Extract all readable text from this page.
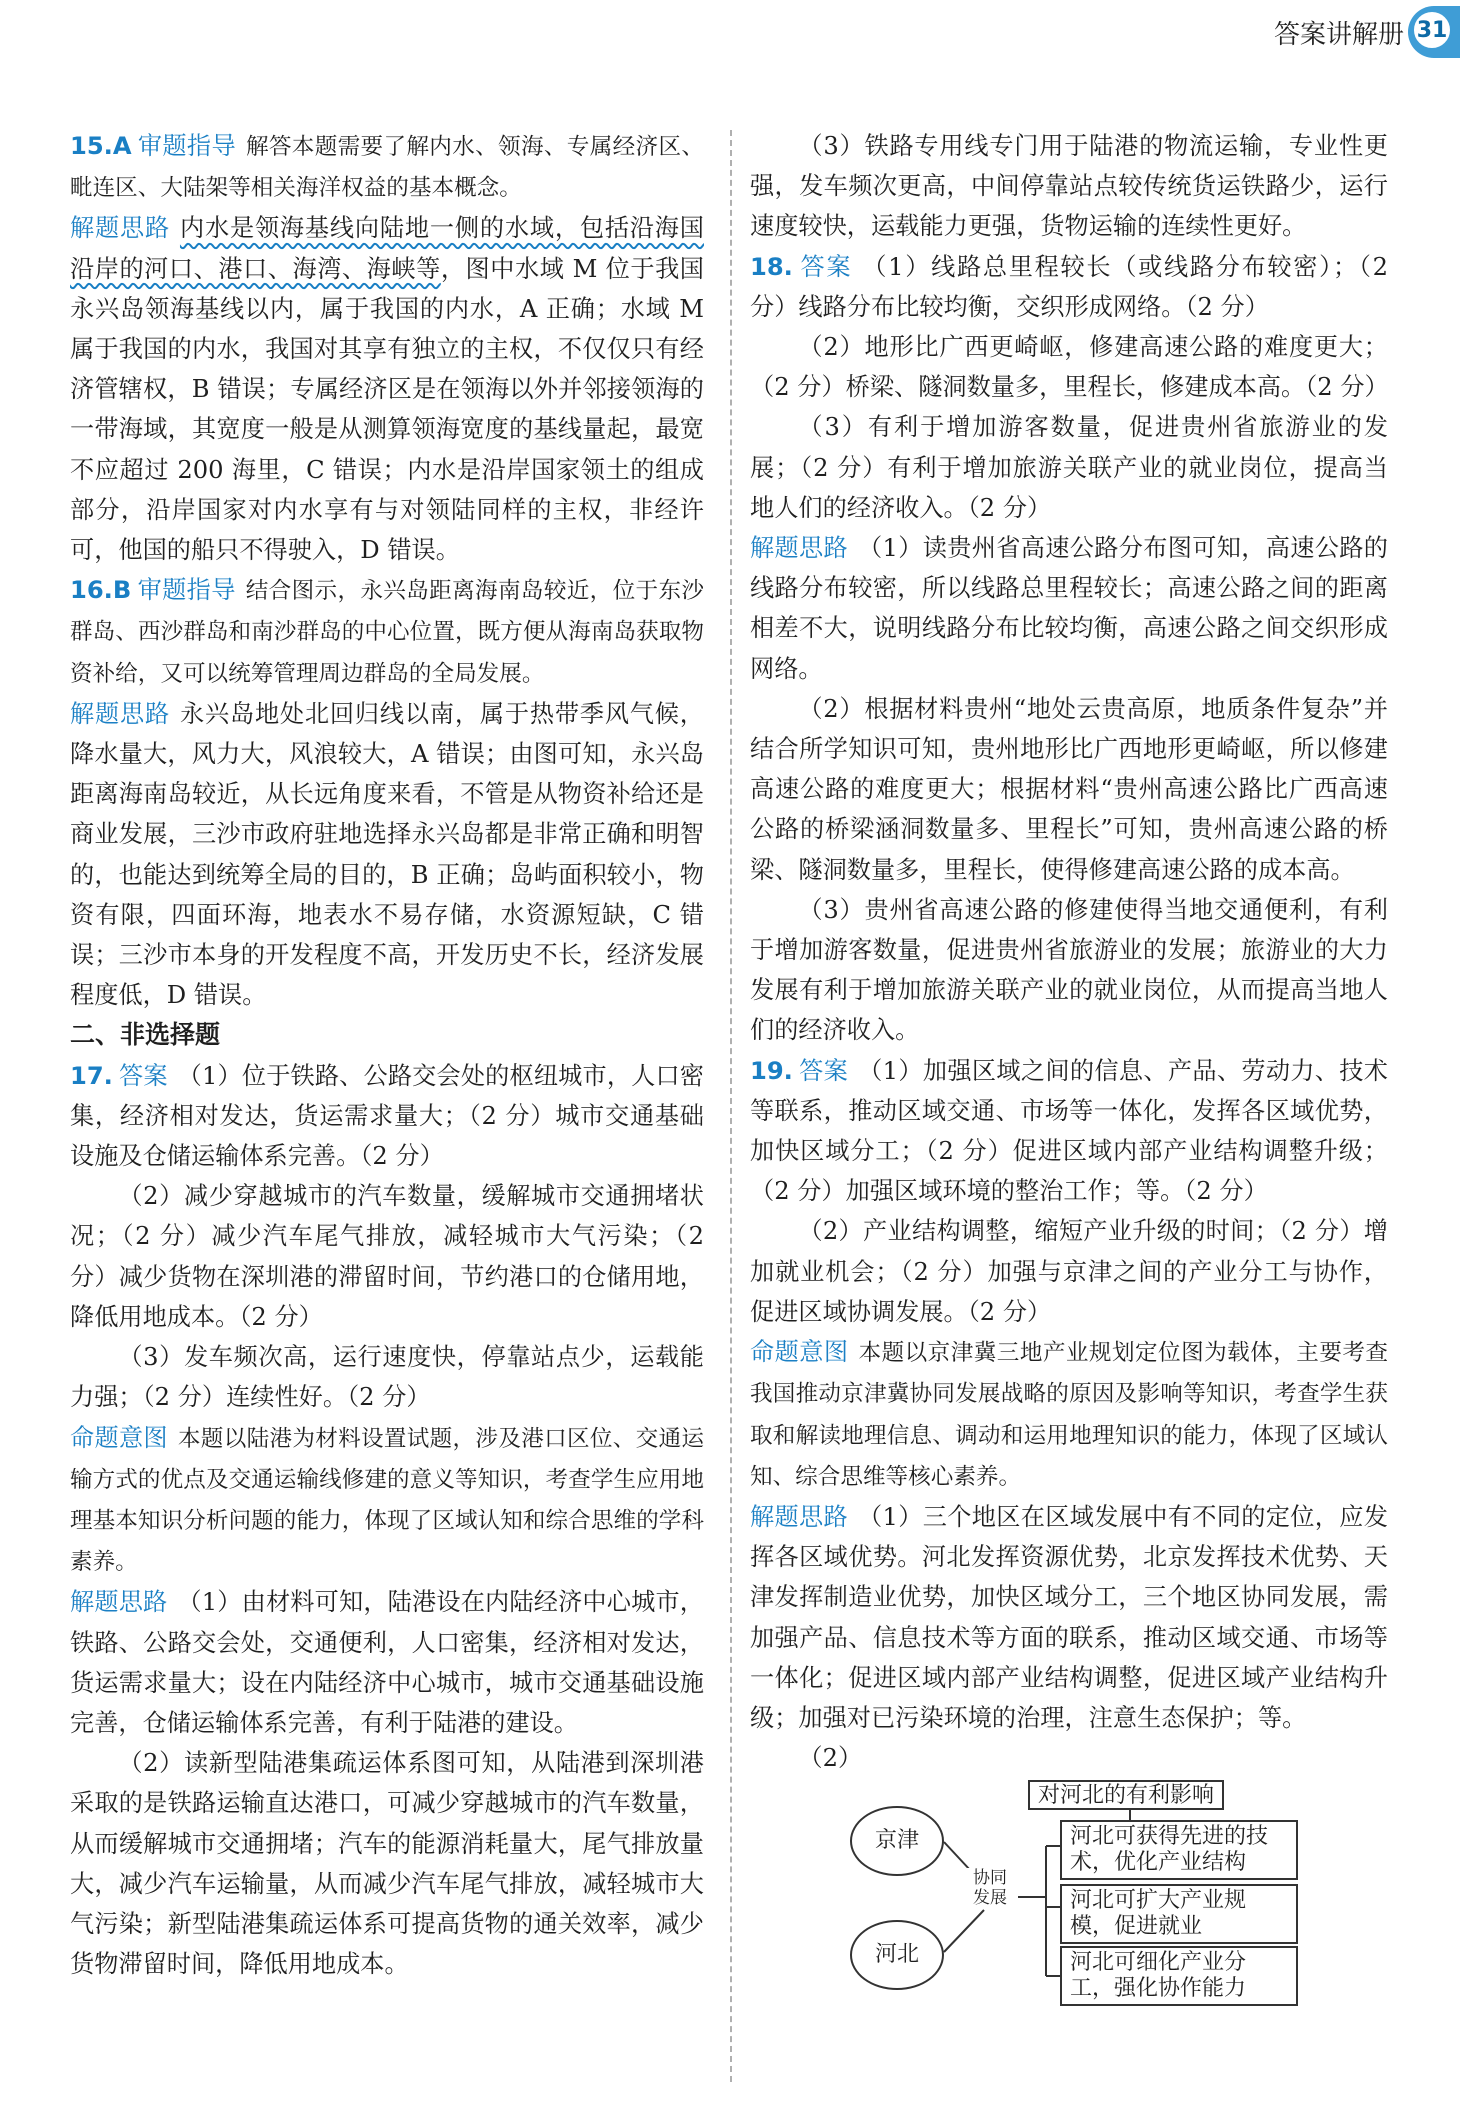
答案讲解册 31

15.A 审题指导 解答本题需要了解内水、领海、专属经济区、毗连区、大陆架等相关海洋权益的基本概念。

解题思路 内水是领海基线向陆地一侧的水域，包括沿海国沿岸的河口、港口、海湾、海峡等，图中水域 M 位于我国永兴岛领海基线以内，属于我国的内水，A 正确；水域 M 属于我国的内水，我国对其享有独立的主权，不仅仅只有经济管辖权，B 错误；专属经济区是在领海以外并邻接领海的一带海域，其宽度一般是从测算领海宽度的基线量起，最宽不应超过 200 海里，C 错误；内水是沿岸国家领土的组成部分，沿岸国家对内水享有与对领陆同样的主权，非经许可，他国的船只不得驶入，D 错误。

16.B 审题指导 结合图示，永兴岛距离海南岛较近，位于东沙群岛、西沙群岛和南沙群岛的中心位置，既方便从海南岛获取物资补给，又可以统筹管理周边群岛的全局发展。

解题思路 永兴岛地处北回归线以南，属于热带季风气候，降水量大，风力大，风浪较大，A 错误；由图可知，永兴岛距离海南岛较近，从长远角度来看，不管是从物资补给还是商业发展，三沙市政府驻地选择永兴岛都是非常正确和明智的，也能达到统筹全局的目的，B 正确；岛屿面积较小，物资有限，四面环海，地表水不易存储，水资源短缺，C 错误；三沙市本身的开发程度不高，开发历史不长，经济发展程度低，D 错误。

二、非选择题

17. 答案 （1）位于铁路、公路交会处的枢纽城市，人口密集，经济相对发达，货运需求量大；（2 分）城市交通基础设施及仓储运输体系完善。（2 分）

（2）减少穿越城市的汽车数量，缓解城市交通拥堵状况；（2 分）减少汽车尾气排放，减轻城市大气污染；（2 分）减少货物在深圳港的滞留时间，节约港口的仓储用地，降低用地成本。（2 分）

（3）发车频次高，运行速度快，停靠站点少，运载能力强；（2 分）连续性好。（2 分）

命题意图 本题以陆港为材料设置试题，涉及港口区位、交通运输方式的优点及交通运输线修建的意义等知识，考查学生应用地理基本知识分析问题的能力，体现了区域认知和综合思维的学科素养。

解题思路 （1）由材料可知，陆港设在内陆经济中心城市，铁路、公路交会处，交通便利，人口密集，经济相对发达，货运需求量大；设在内陆经济中心城市，城市交通基础设施完善，仓储运输体系完善，有利于陆港的建设。

（2）读新型陆港集疏运体系图可知，从陆港到深圳港采取的是铁路运输直达港口，可减少穿越城市的汽车数量，从而缓解城市交通拥堵；汽车的能源消耗量大，尾气排放量大，减少汽车运输量，从而减少汽车尾气排放，减轻城市大气污染；新型陆港集疏运体系可提高货物的通关效率，减少货物滞留时间，降低用地成本。

（3）铁路专用线专门用于陆港的物流运输，专业性更强，发车频次更高，中间停靠站点较传统货运铁路少，运行速度较快，运载能力更强，货物运输的连续性更好。

18. 答案 （1）线路总里程较长（或线路分布较密）；（2 分）线路分布比较均衡，交织形成网络。（2 分）

（2）地形比广西更崎岖，修建高速公路的难度更大；（2 分）桥梁、隧洞数量多，里程长，修建成本高。（2 分）

（3）有利于增加游客数量，促进贵州省旅游业的发展；（2 分）有利于增加旅游关联产业的就业岗位，提高当地人们的经济收入。（2 分）

解题思路 （1）读贵州省高速公路分布图可知，高速公路的线路分布较密，所以线路总里程较长；高速公路之间的距离相差不大，说明线路分布比较均衡，高速公路之间交织形成网络。

（2）根据材料贵州“地处云贵高原，地质条件复杂”并结合所学知识可知，贵州地形比广西地形更崎岖，所以修建高速公路的难度更大；根据材料“贵州高速公路比广西高速公路的桥梁涵洞数量多、里程长”可知，贵州高速公路的桥梁、隧洞数量多，里程长，使得修建高速公路的成本高。

（3）贵州省高速公路的修建使得当地交通便利，有利于增加游客数量，促进贵州省旅游业的发展；旅游业的大力发展有利于增加旅游关联产业的就业岗位，从而提高当地人们的经济收入。

19. 答案 （1）加强区域之间的信息、产品、劳动力、技术等联系，推动区域交通、市场等一体化，发挥各区域优势，加快区域分工；（2 分）促进区域内部产业结构调整升级；（2 分）加强区域环境的整治工作；等。（2 分）

（2）产业结构调整，缩短产业升级的时间；（2 分）增加就业机会；（2 分）加强与京津之间的产业分工与协作，促进区域协调发展。（2 分）

命题意图 本题以京津冀三地产业规划定位图为载体，主要考查我国推动京津冀协同发展战略的原因及影响等知识，考查学生获取和解读地理信息、调动和运用地理知识的能力，体现了区域认知、综合思维等核心素养。

解题思路 （1）三个地区在区域发展中有不同的定位，应发挥各区域优势。河北发挥资源优势，北京发挥技术优势、天津发挥制造业优势，加快区域分工，三个地区协同发展，需加强产品、信息技术等方面的联系，推动区域交通、市场等一体化；促进区域内部产业结构调整，促进区域产业结构升级；加强对已污染环境的治理，注意生态保护；等。

（2）

对河北的有利影响
京津
河北
协同
发展
河北可获得先进的技术，优化产业结构
河北可扩大产业规模，促进就业
河北可细化产业分工，强化协作能力
